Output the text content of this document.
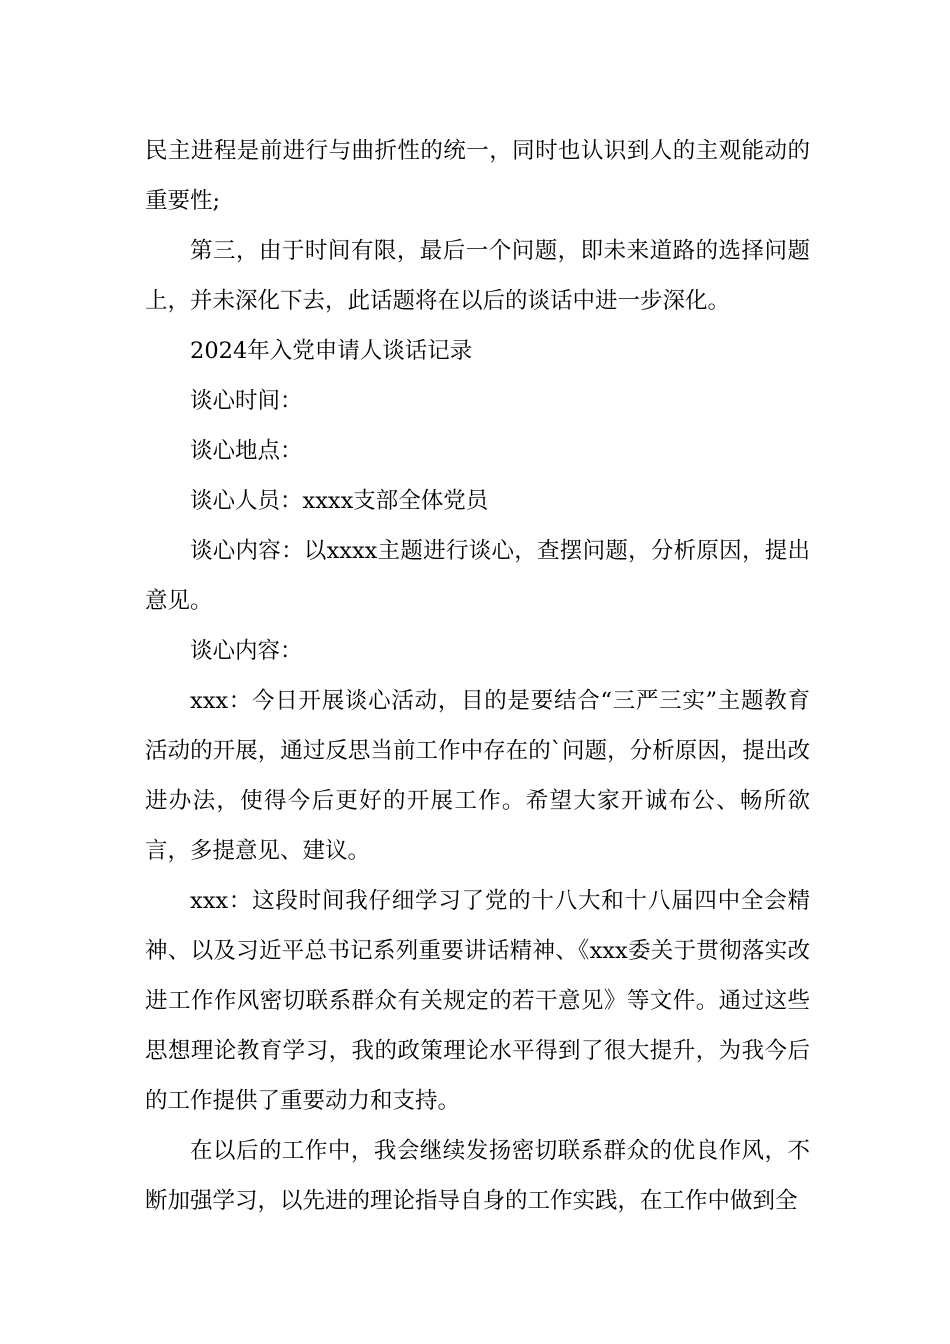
民主进程是前进行与曲折性的统一，同时也认识到人的主观能动的重要性;

第三，由于时间有限，最后一个问题，即未来道路的选择问题上，并未深化下去，此话题将在以后的谈话中进一步深化。

2024年入党申请人谈话记录

谈心时间：

谈心地点：

谈心人员：xxxx支部全体党员

谈心内容：以xxxx主题进行谈心，查摆问题，分析原因，提出意见。

谈心内容：

xxx：今日开展谈心活动，目的是要结合“三严三实”主题教育活动的开展，通过反思当前工作中存在的`问题，分析原因，提出改进办法，使得今后更好的开展工作。希望大家开诚布公、畅所欲言，多提意见、建议。

xxx：这段时间我仔细学习了党的十八大和十八届四中全会精神、以及习近平总书记系列重要讲话精神、《xxx委关于贯彻落实改进工作作风密切联系群众有关规定的若干意见》等文件。通过这些思想理论教育学习，我的政策理论水平得到了很大提升，为我今后的工作提供了重要动力和支持。

在以后的工作中，我会继续发扬密切联系群众的优良作风，不断加强学习，以先进的理论指导自身的工作实践，在工作中做到全
